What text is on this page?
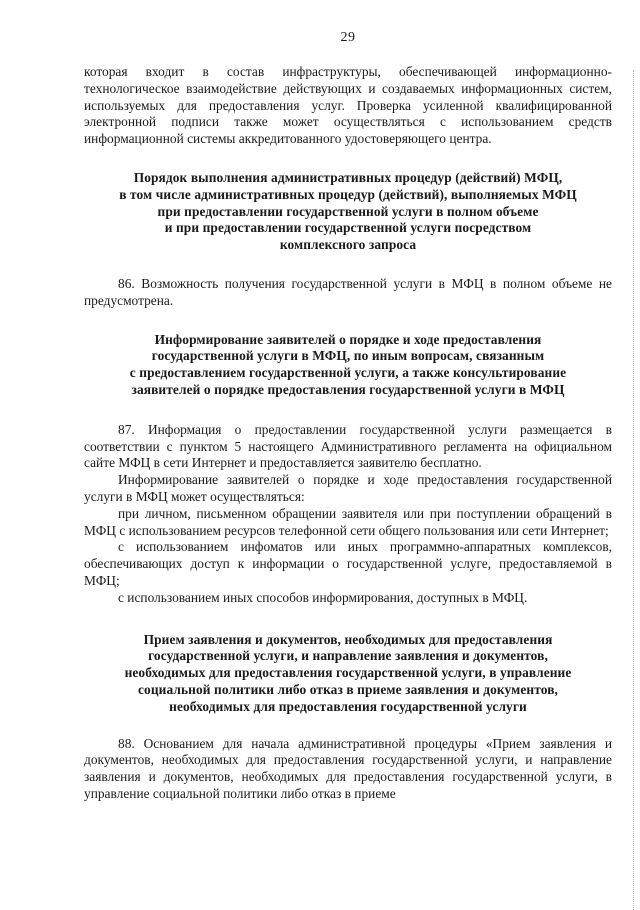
29

которая входит в состав инфраструктуры, обеспечивающей информационно-технологическое взаимодействие действующих и создаваемых информационных систем, используемых для предоставления услуг. Проверка усиленной квалифицированной электронной подписи также может осуществляться с использованием средств информационной системы аккредитованного удостоверяющего центра.

Порядок выполнения административных процедур (действий) МФЦ,
в том числе административных процедур (действий), выполняемых МФЦ
при предоставлении государственной услуги в полном объеме
и при предоставлении государственной услуги посредством
комплексного запроса

86. Возможность получения государственной услуги в МФЦ в полном объеме не предусмотрена.

Информирование заявителей о порядке и ходе предоставления
государственной услуги в МФЦ, по иным вопросам, связанным
с предоставлением государственной услуги, а также консультирование
заявителей о порядке предоставления государственной услуги в МФЦ

87. Информация о предоставлении государственной услуги размещается в соответствии с пунктом 5 настоящего Административного регламента на официальном сайте МФЦ в сети Интернет и предоставляется заявителю бесплатно.

Информирование заявителей о порядке и ходе предоставления государственной услуги в МФЦ может осуществляться:

при личном, письменном обращении заявителя или при поступлении обращений в МФЦ с использованием ресурсов телефонной сети общего пользования или сети Интернет;

с использованием инфоматов или иных программно-аппаратных комплексов, обеспечивающих доступ к информации о государственной услуге, предоставляемой в МФЦ;

с использованием иных способов информирования, доступных в МФЦ.

Прием заявления и документов, необходимых для предоставления
государственной услуги, и направление заявления и документов,
необходимых для предоставления государственной услуги, в управление
социальной политики либо отказ в приеме заявления и документов,
необходимых для предоставления государственной услуги

88. Основанием для начала административной процедуры «Прием заявления и документов, необходимых для предоставления государственной услуги, и направление заявления и документов, необходимых для предоставления государственной услуги, в управление социальной политики либо отказ в приеме
